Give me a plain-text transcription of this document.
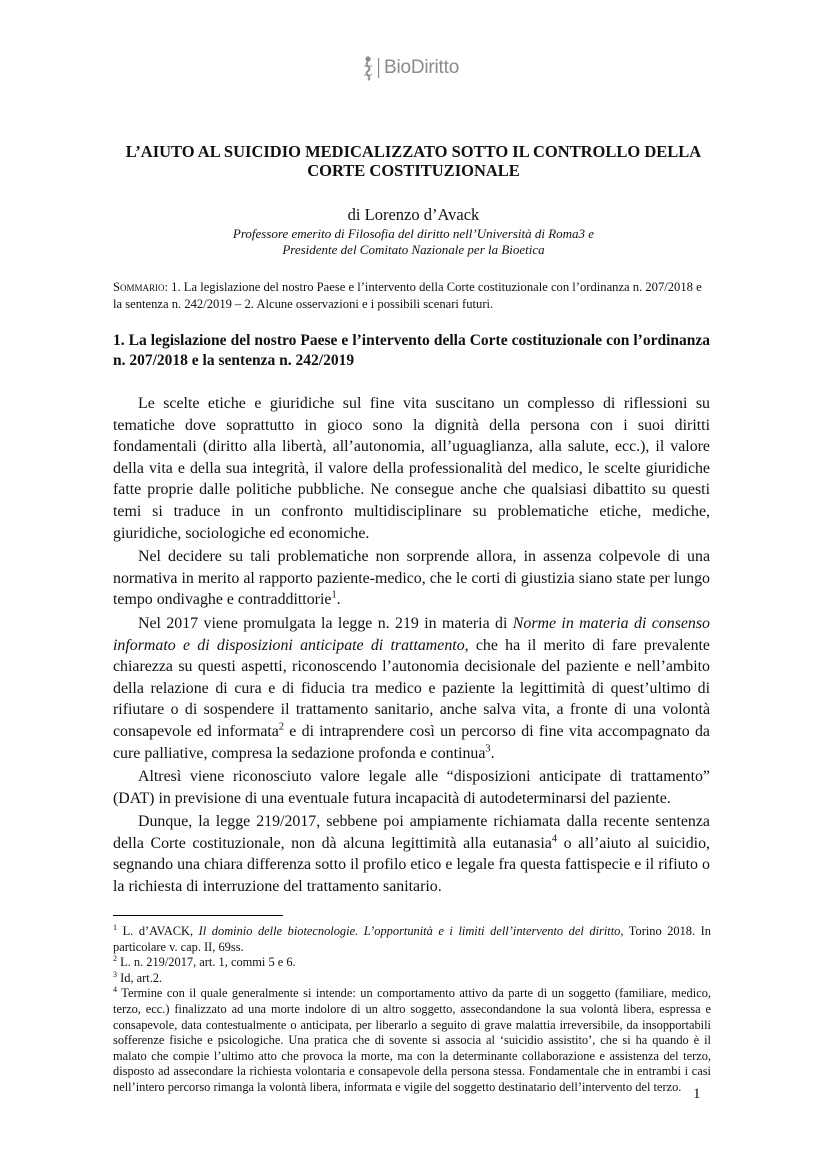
BioDiritto
L’AIUTO AL SUICIDIO MEDICALIZZATO SOTTO IL CONTROLLO DELLA CORTE COSTITUZIONALE

di Lorenzo d’Avack

Professore emerito di Filosofia del diritto nell’Università di Roma3 e
Presidente del Comitato Nazionale per la Bioetica

Sommario: 1. La legislazione del nostro Paese e l’intervento della Corte costituzionale con l’ordinanza n. 207/2018 e la sentenza n. 242/2019 – 2. Alcune osservazioni e i possibili scenari futuri.

1. La legislazione del nostro Paese e l’intervento della Corte costituzionale con l’ordinanza n. 207/2018 e la sentenza n. 242/2019

Le scelte etiche e giuridiche sul fine vita suscitano un complesso di riflessioni su tematiche dove soprattutto in gioco sono la dignità della persona con i suoi diritti fondamentali (diritto alla libertà, all’autonomia, all’uguaglianza, alla salute, ecc.), il valore della vita e della sua integrità, il valore della professionalità del medico, le scelte giuridiche fatte proprie dalle politiche pubbliche. Ne consegue anche che qualsiasi dibattito su questi temi si traduce in un confronto multidisciplinare su problematiche etiche, mediche, giuridiche, sociologiche ed economiche.

Nel decidere su tali problematiche non sorprende allora, in assenza colpevole di una normativa in merito al rapporto paziente-medico, che le corti di giustizia siano state per lungo tempo ondivaghe e contraddittorie$^1$.

Nel 2017 viene promulgata la legge n. 219 in materia di Norme in materia di consenso informato e di disposizioni anticipate di trattamento, che ha il merito di fare prevalente chiarezza su questi aspetti, riconoscendo l’autonomia decisionale del paziente e nell’ambito della relazione di cura e di fiducia tra medico e paziente la legittimità di quest’ultimo di rifiutare o di sospendere il trattamento sanitario, anche salva vita, a fronte di una volontà consapevole ed informata$^2$ e di intraprendere così un percorso di fine vita accompagnato da cure palliative, compresa la sedazione profonda e continua$^3$.

Altresì viene riconosciuto valore legale alle “disposizioni anticipate di trattamento” (DAT) in previsione di una eventuale futura incapacità di autodeterminarsi del paziente.

Dunque, la legge 219/2017, sebbene poi ampiamente richiamata dalla recente sentenza della Corte costituzionale, non dà alcuna legittimità alla eutanasia$^4$ o all’aiuto al suicidio, segnando una chiara differenza sotto il profilo etico e legale fra questa fattispecie e il rifiuto o la richiesta di interruzione del trattamento sanitario.

$^1$ L. d’AVACK, Il dominio delle biotecnologie. L’opportunità e i limiti dell’intervento del diritto, Torino 2018. In particolare v. cap. II, 69ss.

$^2$ L. n. 219/2017, art. 1, commi 5 e 6.

$^3$ Id, art.2.

$^4$ Termine con il quale generalmente si intende: un comportamento attivo da parte di un soggetto (familiare, medico, terzo, ecc.) finalizzato ad una morte indolore di un altro soggetto, assecondandone la sua volontà libera, espressa e consapevole, data contestualmente o anticipata, per liberarlo a seguito di grave malattia irreversibile, da insopportabili sofferenze fisiche e psicologiche. Una pratica che di sovente si associa al ‘suicidio assistito’, che si ha quando è il malato che compie l’ultimo atto che provoca la morte, ma con la determinante collaborazione e assistenza del terzo, disposto ad assecondare la richiesta volontaria e consapevole della persona stessa. Fondamentale che in entrambi i casi nell’intero percorso rimanga la volontà libera, informata e vigile del soggetto destinatario dell’intervento del terzo. 1
